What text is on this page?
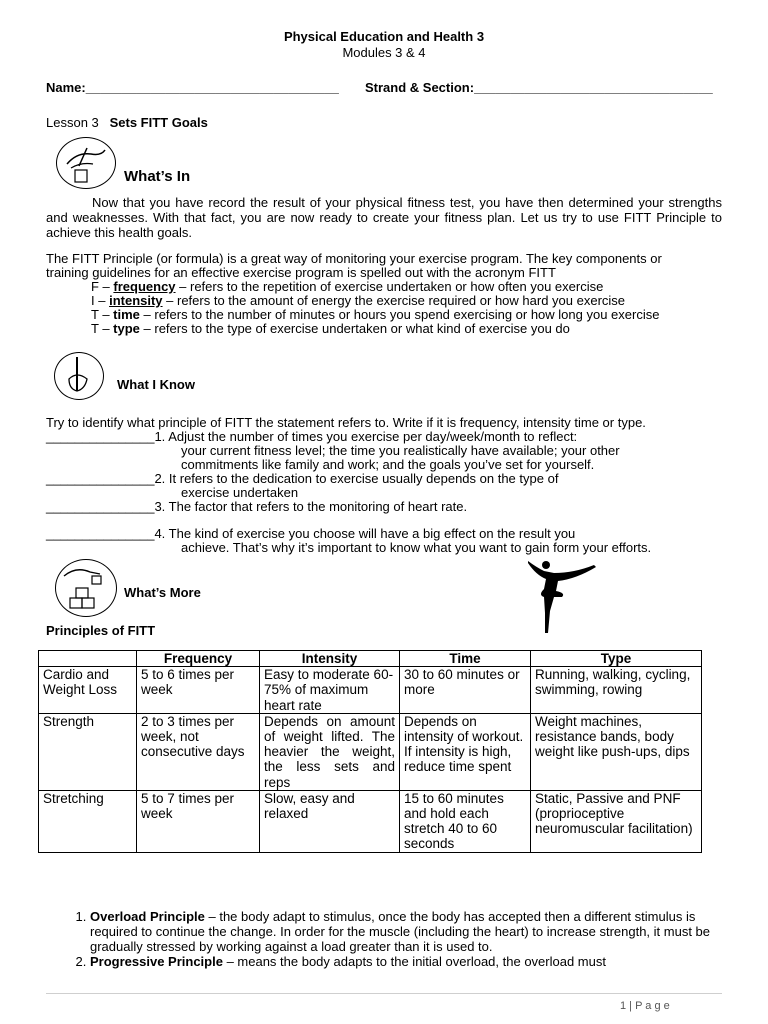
Physical Education and Health 3
Modules 3 & 4
Name:___________________________________ Strand & Section:_________________________________
Lesson 3 Sets FITT Goals
What’s In
Now that you have record the result of your physical fitness test, you have then determined your strengths and weaknesses. With that fact, you are now ready to create your fitness plan. Let us try to use FITT Principle to achieve this health goals.
The FITT Principle (or formula) is a great way of monitoring your exercise program. The key components or
training guidelines for an effective exercise program is spelled out with the acronym FITT
F – frequency – refers to the repetition of exercise undertaken or how often you exercise
I – intensity – refers to the amount of energy the exercise required or how hard you exercise
T – time – refers to the number of minutes or hours you spend exercising or how long you exercise
T – type – refers to the type of exercise undertaken or what kind of exercise you do
What I Know
Try to identify what principle of FITT the statement refers to. Write if it is frequency, intensity time or type.
_______________1. Adjust the number of times you exercise per day/week/month to reflect:
your current fitness level; the time you realistically have available; your other
commitments like family and work; and the goals you’ve set for yourself.
_______________2. It refers to the dedication to exercise usually depends on the type of
exercise undertaken
_______________3. The factor that refers to the monitoring of heart rate.
_______________4. The kind of exercise you choose will have a big effect on the result you
achieve. That’s why it’s important to know what you want to gain form your efforts.
What’s More
Principles of FITT
	Frequency	Intensity	Time	Type
Cardio and Weight Loss	5 to 6 times per week	Easy to moderate 60-75% of maximum heart rate	30 to 60 minutes or more	Running, walking, cycling, swimming, rowing
Strength	2 to 3 times per week, not consecutive days	Depends on amount of weight lifted. The heavier the weight, the less sets and reps	Depends on intensity of workout. If intensity is high, reduce time spent	Weight machines, resistance bands, body weight like push-ups, dips
Stretching	5 to 7 times per week	Slow, easy and relaxed	15 to 60 minutes and hold each stretch 40 to 60 seconds	Static, Passive and PNF (proprioceptive neuromuscular facilitation)
1. Overload Principle – the body adapt to stimulus, once the body has accepted then a different stimulus is required to continue the change. In order for the muscle (including the heart) to increase strength, it must be gradually stressed by working against a load greater than it is used to.
2. Progressive Principle – means the body adapts to the initial overload, the overload must
1 | P a g e
